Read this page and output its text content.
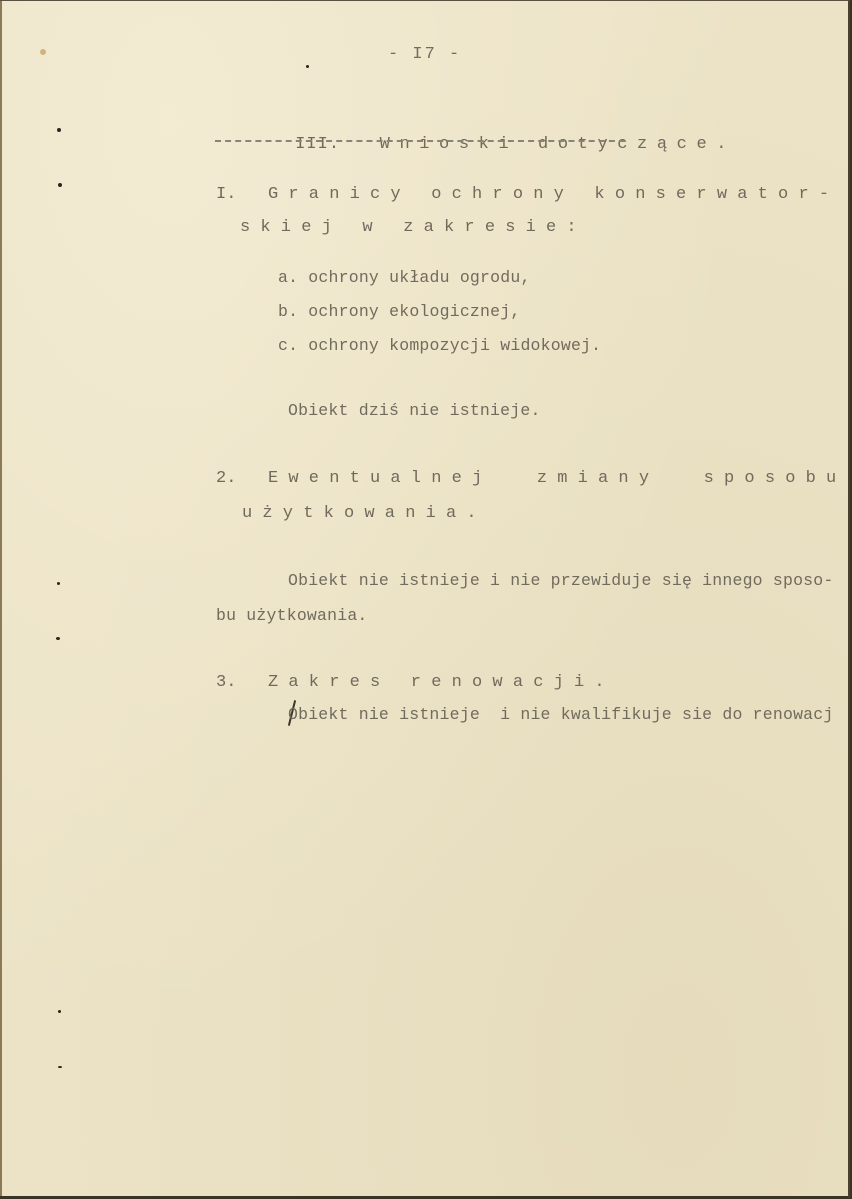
- I7 -

III. Wnioski dotyczące.

I. Granicy ochrony konserwator-
skiej w zakresie:
a. ochrony układu ogrodu,
b. ochrony ekologicznej,
c. ochrony kompozycji widokowej.
Obiekt dziś nie istnieje.
2. Ewentualnej zmiany sposobu
użytkowania.
Obiekt nie istnieje i nie przewiduje się innego sposo-
bu użytkowania.
3. Zakres renowacji.
Obiekt nie istnieje  i nie kwalifikuje sie do renowacj
